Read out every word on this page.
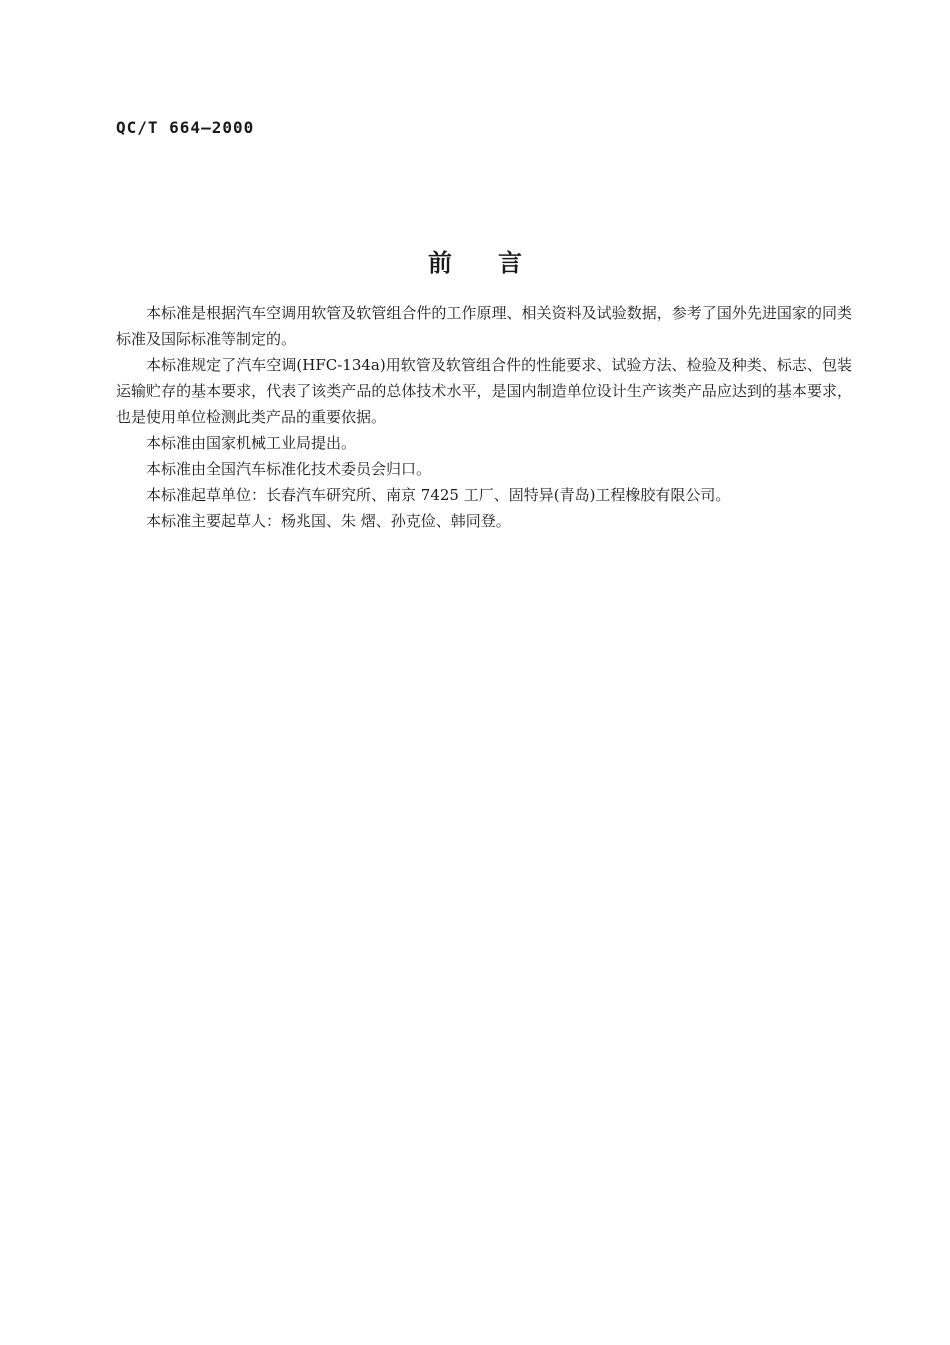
QC/T 664—2000
前言

本标准是根据汽车空调用软管及软管组合件的工作原理、相关资料及试验数据，参考了国外先进国家的同类标准及国际标准等制定的。

本标准规定了汽车空调(HFC-134a)用软管及软管组合件的性能要求、试验方法、检验及种类、标志、包装运输贮存的基本要求，代表了该类产品的总体技术水平，是国内制造单位设计生产该类产品应达到的基本要求，也是使用单位检测此类产品的重要依据。

本标准由国家机械工业局提出。

本标准由全国汽车标准化技术委员会归口。

本标准起草单位：长春汽车研究所、南京 7425 工厂、固特异(青岛)工程橡胶有限公司。

本标准主要起草人：杨兆国、朱 熠、孙克俭、韩同登。
